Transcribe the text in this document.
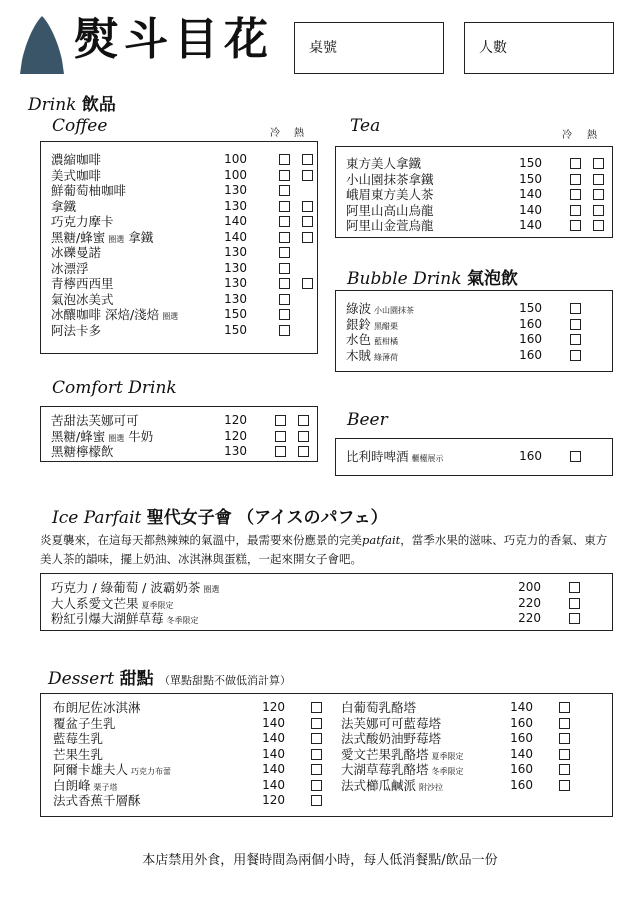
熨斗目花	桌號	人數
Drink 飲品
Coffee	冷 熱
濃縮咖啡	100
美式咖啡	100
鮮葡萄柚咖啡	130
拿鐵	130
巧克力摩卡	140
黑糖/蜂蜜 圈選 拿鐵	140
冰礫曼諾	130
冰漂浮	130
青檸西西里	130
氣泡冰美式	130
冰釀咖啡 深焙/淺焙 圈選	150
阿法卡多	150
Tea	冷 熱
東方美人拿鐵	150
小山園抹茶拿鐵	150
峨眉東方美人茶	140
阿里山高山烏龍	140
阿里山金萱烏龍	140
Bubble Drink 氣泡飲
綠波 小山園抹茶	150
銀鈴 黑醋栗	160
水色 藍柑橘	160
木賊 綠薄荷	160
Comfort Drink
苦甜法芙娜可可	120
黑糖/蜂蜜 圈選 牛奶	120
黑糖檸檬飲	130
Beer
比利時啤酒 櫃檯展示	160
Ice Parfait 聖代女子會 （アイスのパフェ）
炎夏襲來，在這每天都熱辣辣的氣溫中，最需要來份應景的完美patfait，當季水果的滋味、巧克力的香氣、東方美人茶的韻味，擺上奶油、冰淇淋與蛋糕，一起來開女子會吧。
巧克力 / 綠葡萄 / 波霸奶茶 圈選	200
大人系愛文芒果 夏季限定	220
粉紅引爆大湖鮮草莓 冬季限定	220
Dessert 甜點 （單點甜點不做低消計算）
布朗尼佐冰淇淋	120
覆盆子生乳	140
藍莓生乳	140
芒果生乳	140
阿爾卡雄夫人 巧克力布蕾	140
白朗峰 栗子塔	140
法式香蕉千層酥	120
白葡萄乳酪塔	140
法芙娜可可藍莓塔	160
法式酸奶油野莓塔	160
愛文芒果乳酪塔 夏季限定	140
大湖草莓乳酪塔 冬季限定	160
法式櫛瓜鹹派 附沙拉	160
本店禁用外食，用餐時間為兩個小時，每人低消餐點/飲品一份
